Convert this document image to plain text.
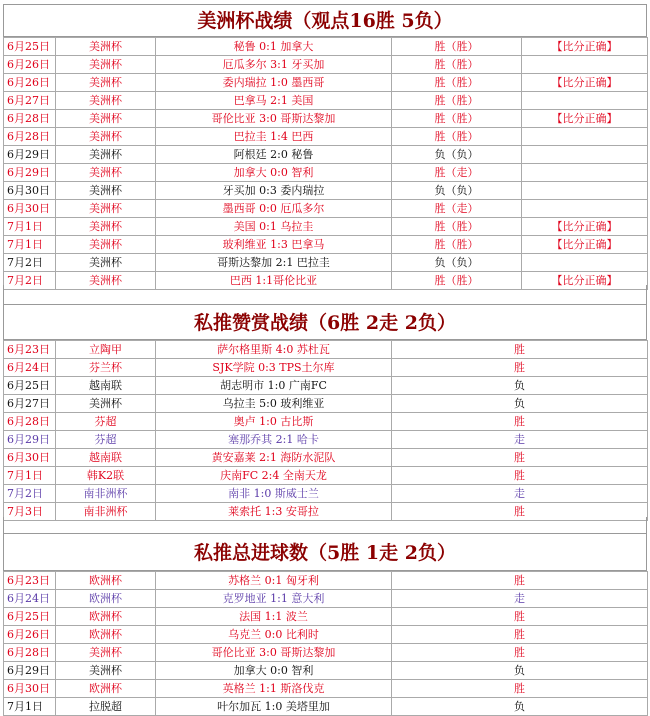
美洲杯战绩（观点16胜 5负）
6月25日	美洲杯	秘鲁 0:1 加拿大	胜（胜）	【比分正确】
6月26日	美洲杯	厄瓜多尔 3:1 牙买加	胜（胜）	
6月26日	美洲杯	委内瑞拉 1:0 墨西哥	胜（胜）	【比分正确】
6月27日	美洲杯	巴拿马 2:1 美国	胜（胜）	
6月28日	美洲杯	哥伦比亚 3:0 哥斯达黎加	胜（胜）	【比分正确】
6月28日	美洲杯	巴拉圭 1:4 巴西	胜（胜）	
6月29日	美洲杯	阿根廷 2:0 秘鲁	负（负）	
6月29日	美洲杯	加拿大 0:0 智利	胜（走）	
6月30日	美洲杯	牙买加 0:3 委内瑞拉	负（负）	
6月30日	美洲杯	墨西哥 0:0 厄瓜多尔	胜（走）	
7月1日	美洲杯	美国 0:1 乌拉圭	胜（胜）	【比分正确】
7月1日	美洲杯	玻利维亚 1:3 巴拿马	胜（胜）	【比分正确】
7月2日	美洲杯	哥斯达黎加 2:1 巴拉圭	负（负）	
7月2日	美洲杯	巴西 1:1哥伦比亚	胜（胜）	【比分正确】
私推赞赏战绩（6胜 2走 2负）
6月23日	立陶甲	萨尔格里斯 4:0 苏杜瓦	胜
6月24日	芬兰杯	SJK学院 0:3 TPS土尔库	胜
6月25日	越南联	胡志明市 1:0 广南FC	负
6月27日	美洲杯	乌拉圭 5:0 玻利维亚	负
6月28日	芬超	奥卢 1:0 古比斯	胜
6月29日	芬超	塞那乔其 2:1 哈卡	走
6月30日	越南联	黄安嘉莱 2:1 海防水泥队	胜
7月1日	韩K2联	庆南FC 2:4 全南天龙	胜
7月2日	南非洲杯	南非 1:0 斯威士兰	走
7月3日	南非洲杯	莱索托 1:3 安哥拉	胜
私推总进球数（5胜 1走 2负）
6月23日	欧洲杯	苏格兰 0:1 匈牙利	胜
6月24日	欧洲杯	克罗地亚 1:1 意大利	走
6月25日	欧洲杯	法国 1:1 波兰	胜
6月26日	欧洲杯	乌克兰 0:0 比利时	胜
6月28日	美洲杯	哥伦比亚 3:0 哥斯达黎加	胜
6月29日	美洲杯	加拿大 0:0 智利	负
6月30日	欧洲杯	英格兰 1:1 斯洛伐克	胜
7月1日	拉脱超	叶尔加瓦 1:0 美塔里加	负
